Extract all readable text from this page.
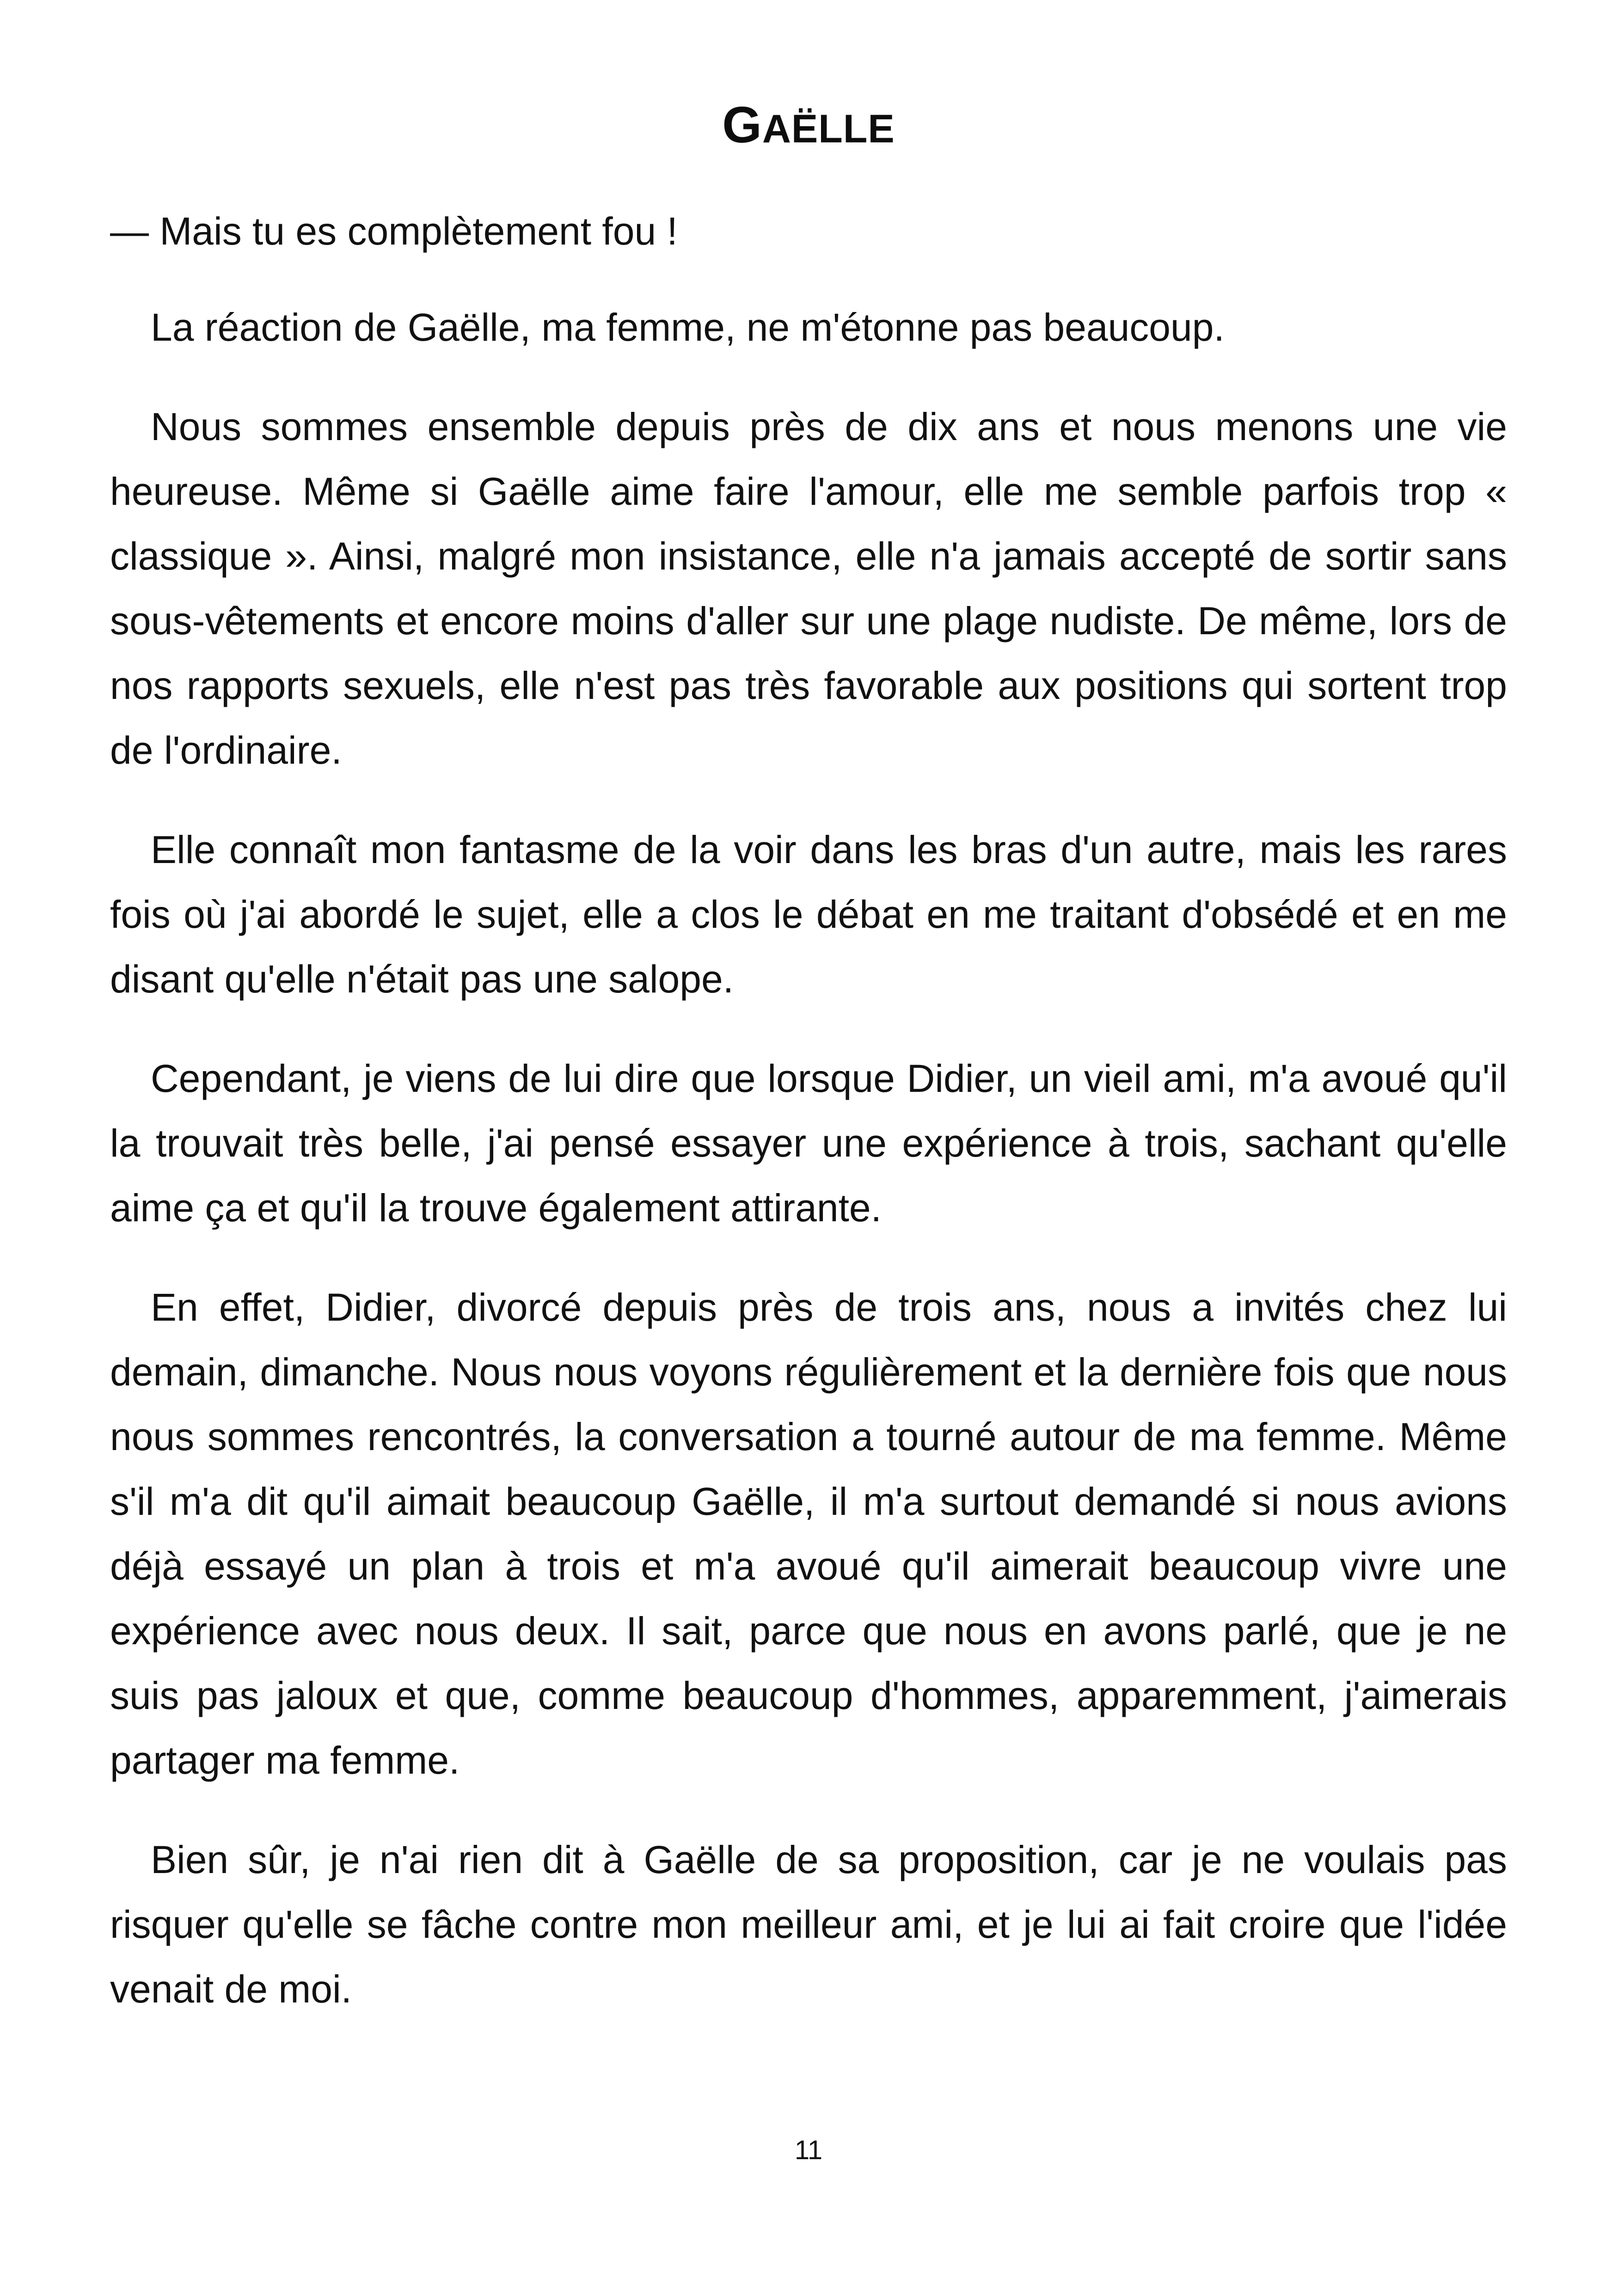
GAËLLE

— Mais tu es complètement fou !

La réaction de Gaëlle, ma femme, ne m'étonne pas beaucoup.

Nous sommes ensemble depuis près de dix ans et nous menons une vie heureuse. Même si Gaëlle aime faire l'amour, elle me semble parfois trop « classique ». Ainsi, malgré mon insistance, elle n'a jamais accepté de sortir sans sous-vêtements et encore moins d'aller sur une plage nudiste. De même, lors de nos rapports sexuels, elle n'est pas très favorable aux positions qui sortent trop de l'ordinaire.

Elle connaît mon fantasme de la voir dans les bras d'un autre, mais les rares fois où j'ai abordé le sujet, elle a clos le débat en me traitant d'obsédé et en me disant qu'elle n'était pas une salope.

Cependant, je viens de lui dire que lorsque Didier, un vieil ami, m'a avoué qu'il la trouvait très belle, j'ai pensé essayer une expérience à trois, sachant qu'elle aime ça et qu'il la trouve également attirante.

En effet, Didier, divorcé depuis près de trois ans, nous a invités chez lui demain, dimanche. Nous nous voyons régulièrement et la dernière fois que nous nous sommes rencontrés, la conversation a tourné autour de ma femme. Même s'il m'a dit qu'il aimait beaucoup Gaëlle, il m'a surtout demandé si nous avions déjà essayé un plan à trois et m'a avoué qu'il aimerait beaucoup vivre une expérience avec nous deux. Il sait, parce que nous en avons parlé, que je ne suis pas jaloux et que, comme beaucoup d'hommes, apparemment, j'aimerais partager ma femme.

Bien sûr, je n'ai rien dit à Gaëlle de sa proposition, car je ne voulais pas risquer qu'elle se fâche contre mon meilleur ami, et je lui ai fait croire que l'idée venait de moi.

11
